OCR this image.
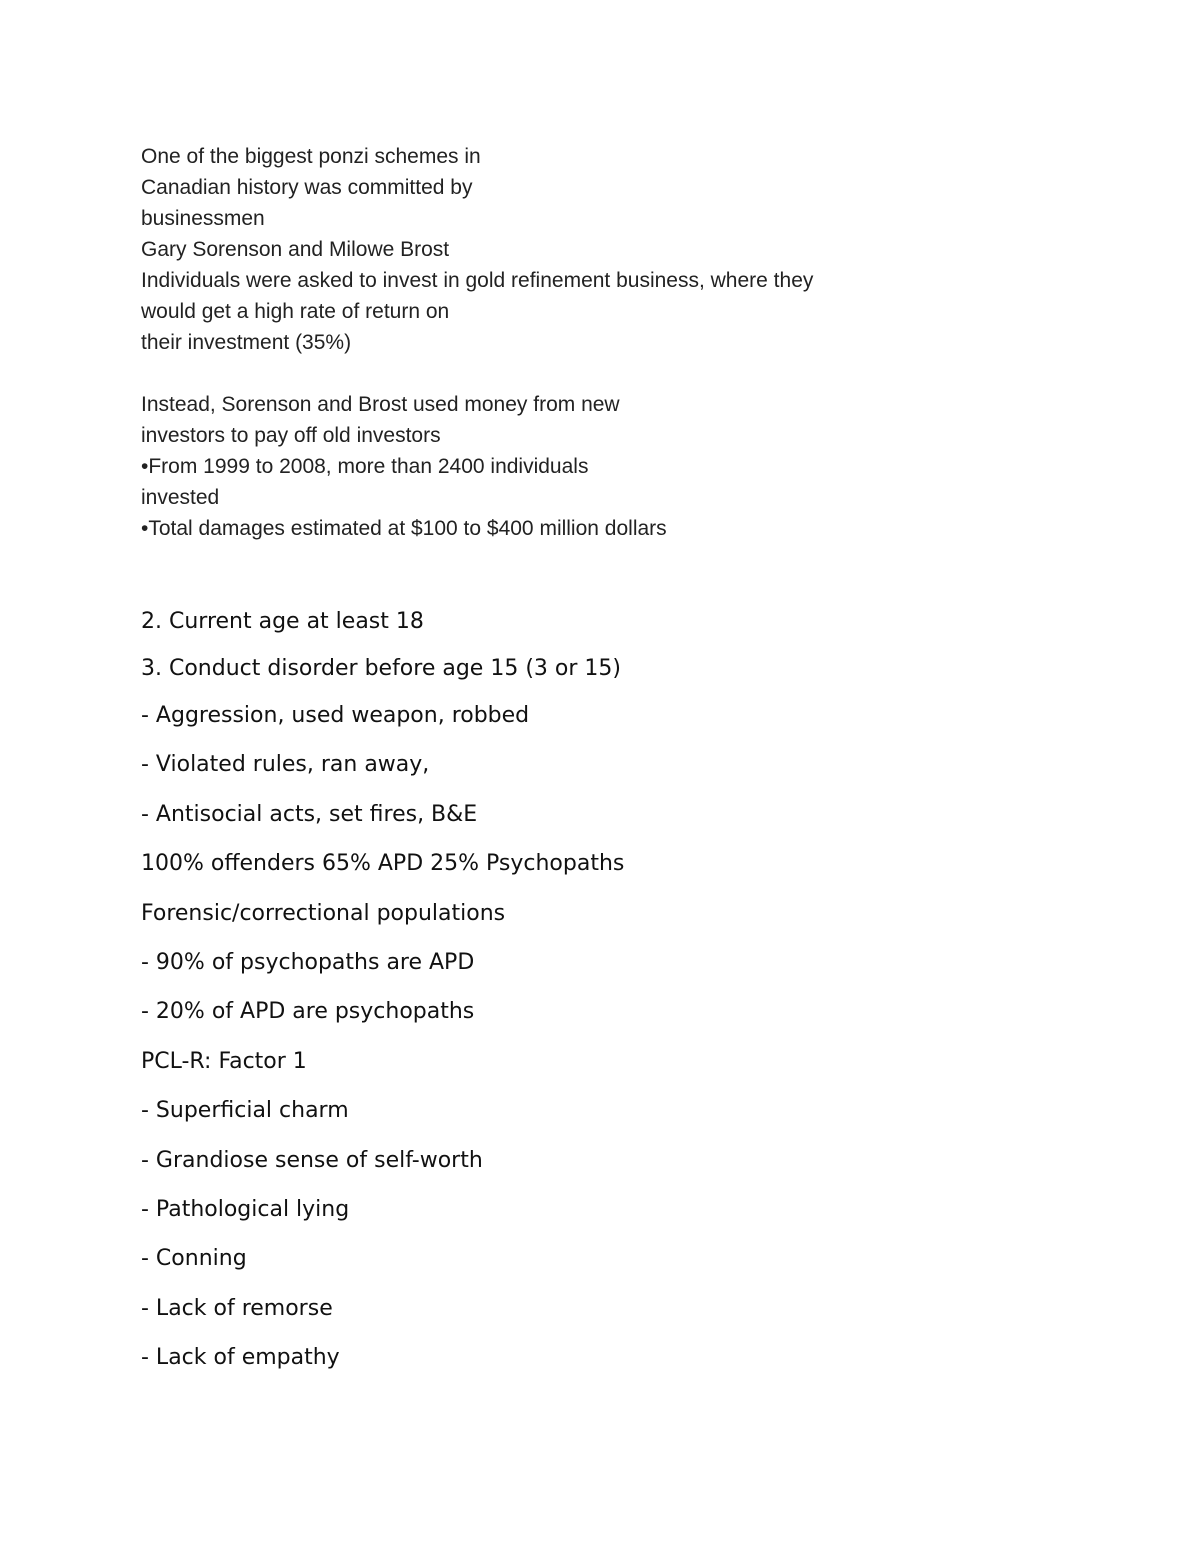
One of the biggest ponzi schemes in
Canadian history was committed by
businessmen
Gary Sorenson and Milowe Brost
Individuals were asked to invest in gold refinement business, where they
would get a high rate of return on
their investment (35%)
Instead, Sorenson and Brost used money from new
investors to pay off old investors
•From 1999 to 2008, more than 2400 individuals
invested
•Total damages estimated at $100 to $400 million dollars
2. Current age at least 18
3. Conduct disorder before age 15 (3 or 15)
- Aggression, used weapon, robbed
- Violated rules, ran away,
- Antisocial acts, set fires, B&E
100% offenders 65% APD 25% Psychopaths
Forensic/correctional populations
- 90% of psychopaths are APD
- 20% of APD are psychopaths
PCL-R: Factor 1
- Superficial charm
- Grandiose sense of self-worth
- Pathological lying
- Conning
- Lack of remorse
- Lack of empathy
